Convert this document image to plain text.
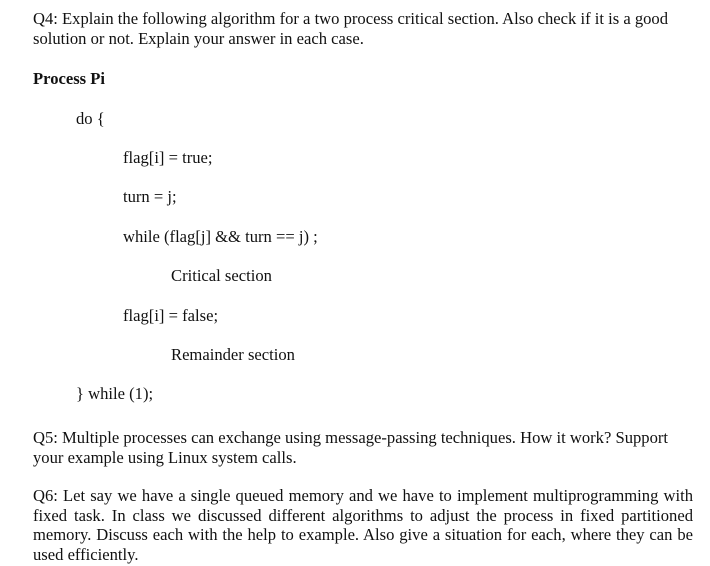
Q4: Explain the following algorithm for a two process critical section. Also check if it is a good solution or not. Explain your answer in each case.
Process Pi
do {
flag[i] = true;
turn = j;
while (flag[j] && turn == j) ;
Critical section
flag[i] = false;
Remainder section
} while (1);
Q5: Multiple processes can exchange using message-passing techniques. How it work? Support your example using Linux system calls.
Q6: Let say we have a single queued memory and we have to implement multiprogramming with fixed task. In class we discussed different algorithms to adjust the process in fixed partitioned memory. Discuss each with the help to example. Also give a situation for each, where they can be used efficiently.
